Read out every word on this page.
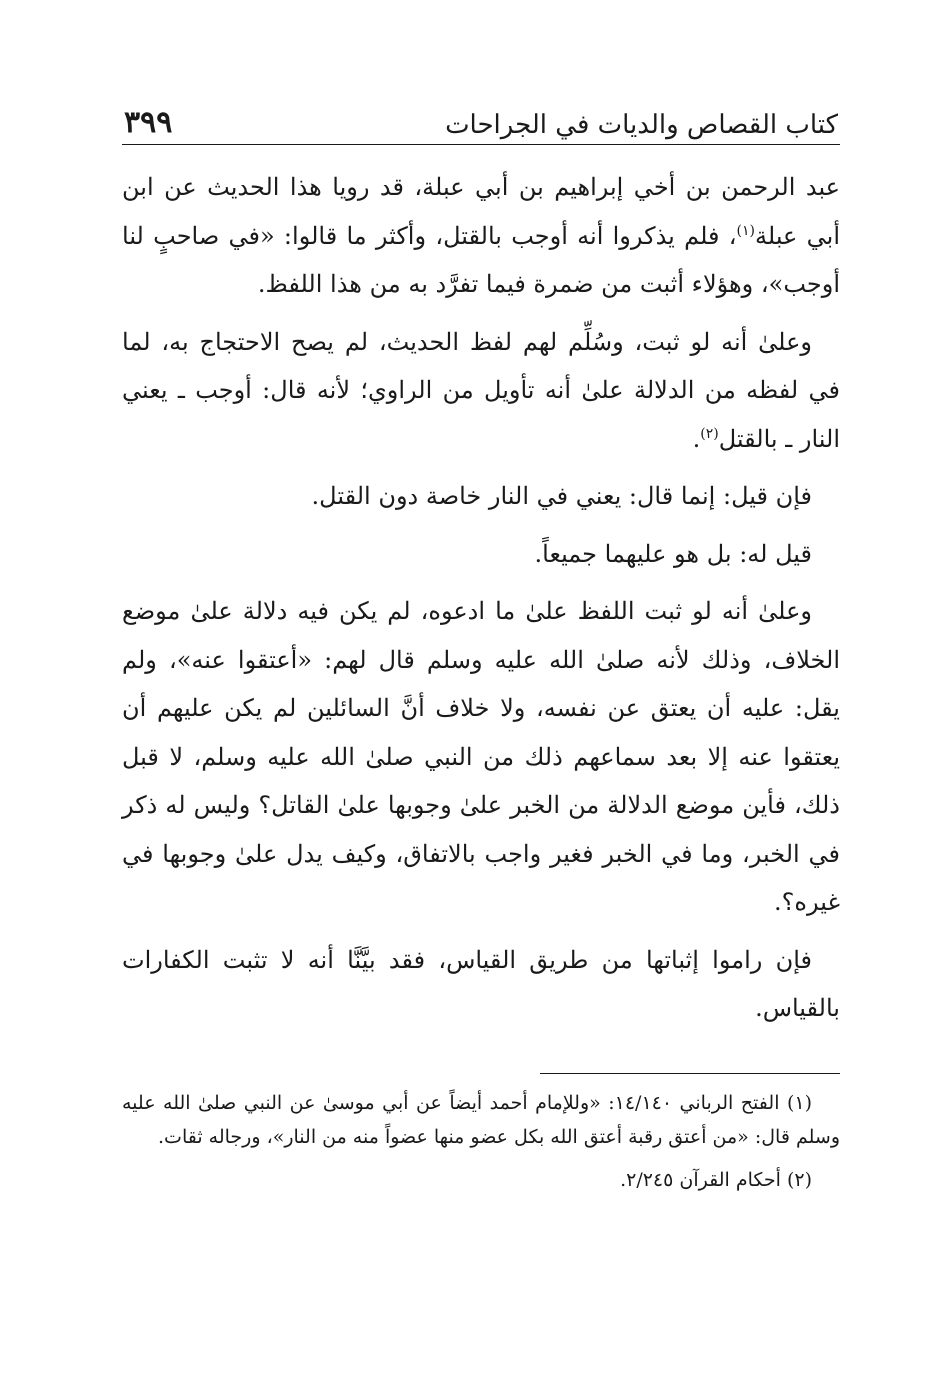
كتاب القصاص والديات في الجراحات
٣٩٩

عبد الرحمن بن أخي إبراهيم بن أبي عبلة، قد رويا هذا الحديث عن ابن أبي عبلة$^{(١)}$، فلم يذكروا أنه أوجب بالقتل، وأكثر ما قالوا: «في صاحبٍ لنا أوجب»، وهؤلاء أثبت من ضمرة فيما تفرَّد به من هذا اللفظ.

وعلىٰ أنه لو ثبت، وسُلِّم لهم لفظ الحديث، لم يصح الاحتجاج به، لما في لفظه من الدلالة علىٰ أنه تأويل من الراوي؛ لأنه قال: أوجب ـ يعني النار ـ بالقتل$^{(٢)}$.

فإن قيل: إنما قال: يعني في النار خاصة دون القتل.

قيل له: بل هو عليهما جميعاً.

وعلىٰ أنه لو ثبت اللفظ علىٰ ما ادعوه، لم يكن فيه دلالة علىٰ موضع الخلاف، وذلك لأنه صلىٰ الله عليه وسلم قال لهم: «أعتقوا عنه»، ولم يقل: عليه أن يعتق عن نفسه، ولا خلاف أنَّ السائلين لم يكن عليهم أن يعتقوا عنه إلا بعد سماعهم ذلك من النبي صلىٰ الله عليه وسلم، لا قبل ذلك، فأين موضع الدلالة من الخبر علىٰ وجوبها علىٰ القاتل؟ وليس له ذكر في الخبر، وما في الخبر فغير واجب بالاتفاق، وكيف يدل علىٰ وجوبها في غيره؟.

فإن راموا إثباتها من طريق القياس، فقد بيَّنَّا أنه لا تثبت الكفارات بالقياس.

(١) الفتح الرباني ١٤/١٤٠: «وللإمام أحمد أيضاً عن أبي موسىٰ عن النبي صلىٰ الله عليه وسلم قال: «من أعتق رقبة أعتق الله بكل عضو منها عضواً منه من النار»، ورجاله ثقات.

(٢) أحكام القرآن ٢/٢٤٥.
